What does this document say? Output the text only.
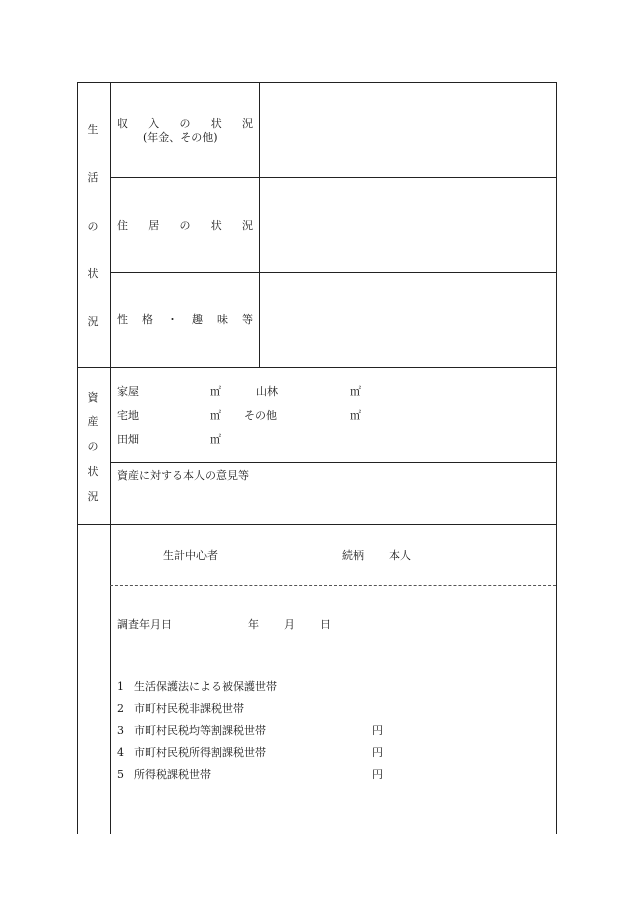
生
活
の
状
況
収 入 の 状 況
(年金、その他)
住 居 の 状 況
性 格 ・ 趣 味 等
資
産
の
状
況
家屋	㎡	山林	㎡
宅地	㎡ その他	㎡
田畑	㎡
資産に対する本人の意見等
生計中心者	続柄 本人
調査年月日	年 月 日
1 生活保護法による被保護世帯
2 市町村民税非課税世帯
3 市町村民税均等割課税世帯	円
4 市町村民税所得割課税世帯	円
5 所得税課税世帯	円
